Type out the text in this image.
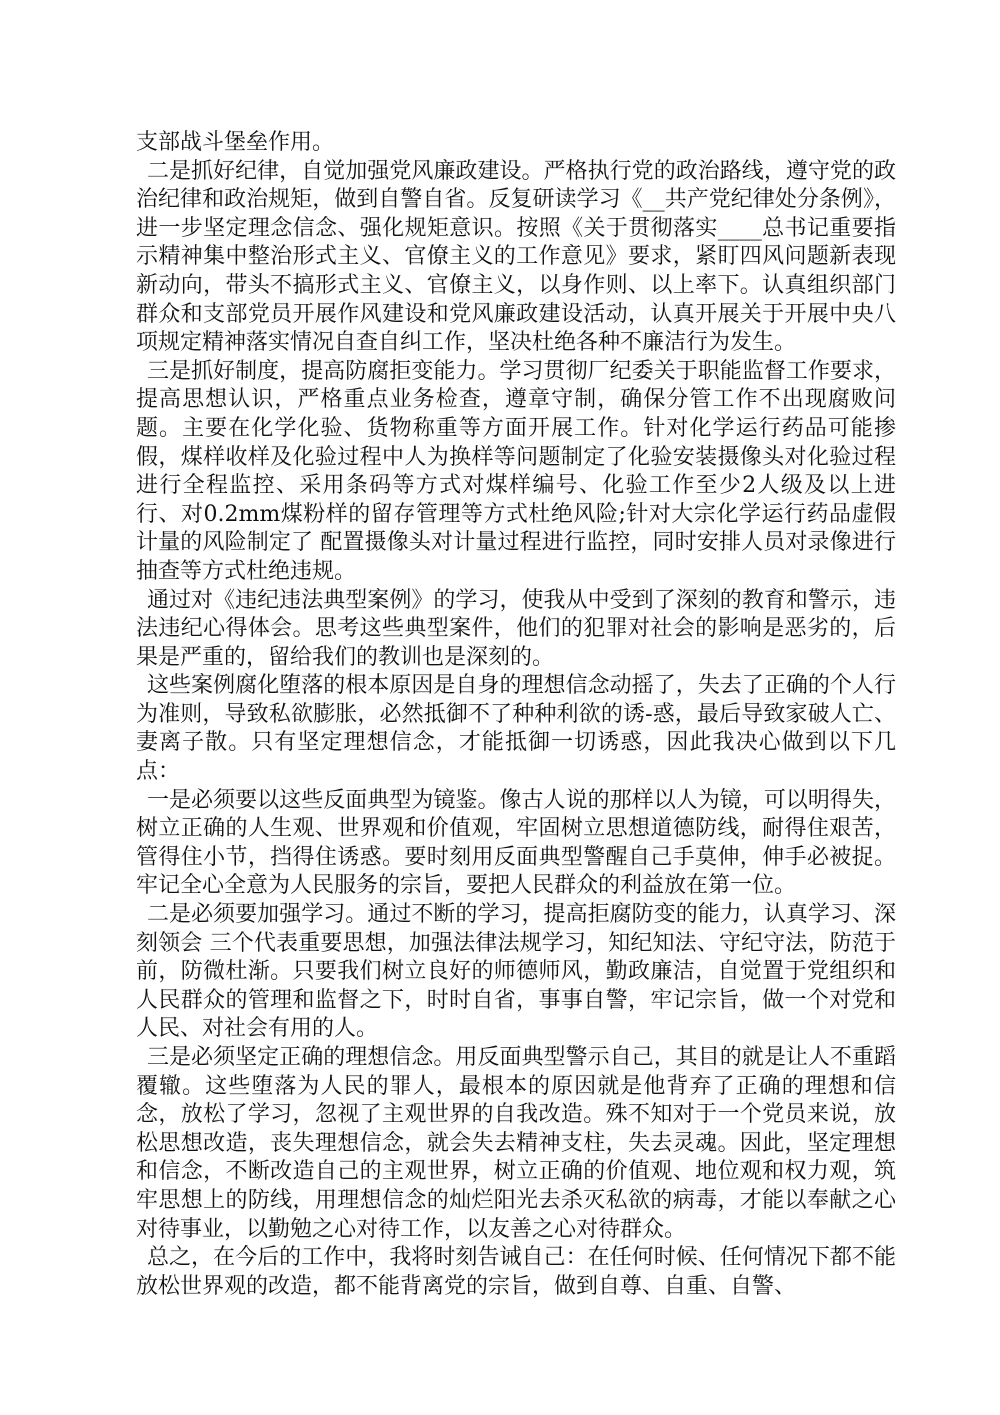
支部战斗堡垒作用。

二是抓好纪律，自觉加强党风廉政建设。严格执行党的政治路线，遵守党的政治纪律和政治规矩，做到自警自省。反复研读学习《__共产党纪律处分条例》，进一步坚定理念信念、强化规矩意识。按照《关于贯彻落实____总书记重要指示精神集中整治形式主义、官僚主义的工作意见》要求，紧盯四风问题新表现新动向，带头不搞形式主义、官僚主义，以身作则、以上率下。认真组织部门群众和支部党员开展作风建设和党风廉政建设活动，认真开展关于开展中央八项规定精神落实情况自查自纠工作，坚决杜绝各种不廉洁行为发生。

三是抓好制度，提高防腐拒变能力。学习贯彻厂纪委关于职能监督工作要求，提高思想认识，严格重点业务检查，遵章守制，确保分管工作不出现腐败问题。主要在化学化验、货物称重等方面开展工作。针对化学运行药品可能掺假，煤样收样及化验过程中人为换样等问题制定了化验安装摄像头对化验过程进行全程监控、采用条码等方式对煤样编号、化验工作至少2人级及以上进行、对0.2mm煤粉样的留存管理等方式杜绝风险;针对大宗化学运行药品虚假计量的风险制定了 配置摄像头对计量过程进行监控，同时安排人员对录像进行抽查等方式杜绝违规。

通过对《违纪违法典型案例》的学习，使我从中受到了深刻的教育和警示，违法违纪心得体会。思考这些典型案件，他们的犯罪对社会的影响是恶劣的，后果是严重的，留给我们的教训也是深刻的。

这些案例腐化堕落的根本原因是自身的理想信念动摇了，失去了正确的个人行为准则，导致私欲膨胀，必然抵御不了种种利欲的诱-惑，最后导致家破人亡、妻离子散。只有坚定理想信念，才能抵御一切诱惑，因此我决心做到以下几点：

一是必须要以这些反面典型为镜鉴。像古人说的那样以人为镜，可以明得失，树立正确的人生观、世界观和价值观，牢固树立思想道德防线，耐得住艰苦，管得住小节，挡得住诱惑。要时刻用反面典型警醒自己手莫伸，伸手必被捉。牢记全心全意为人民服务的宗旨，要把人民群众的利益放在第一位。

二是必须要加强学习。通过不断的学习，提高拒腐防变的能力，认真学习、深刻领会 三个代表重要思想，加强法律法规学习，知纪知法、守纪守法，防范于前，防微杜渐。只要我们树立良好的师德师风，勤政廉洁，自觉置于党组织和人民群众的管理和监督之下，时时自省，事事自警，牢记宗旨，做一个对党和人民、对社会有用的人。

三是必须坚定正确的理想信念。用反面典型警示自己，其目的就是让人不重蹈覆辙。这些堕落为人民的罪人，最根本的原因就是他背弃了正确的理想和信念，放松了学习，忽视了主观世界的自我改造。殊不知对于一个党员来说，放松思想改造，丧失理想信念，就会失去精神支柱，失去灵魂。因此，坚定理想和信念，不断改造自己的主观世界，树立正确的价值观、地位观和权力观，筑牢思想上的防线，用理想信念的灿烂阳光去杀灭私欲的病毒，才能以奉献之心对待事业，以勤勉之心对待工作，以友善之心对待群众。

总之，在今后的工作中，我将时刻告诫自己：在任何时候、任何情况下都不能放松世界观的改造，都不能背离党的宗旨，做到自尊、自重、自警、
